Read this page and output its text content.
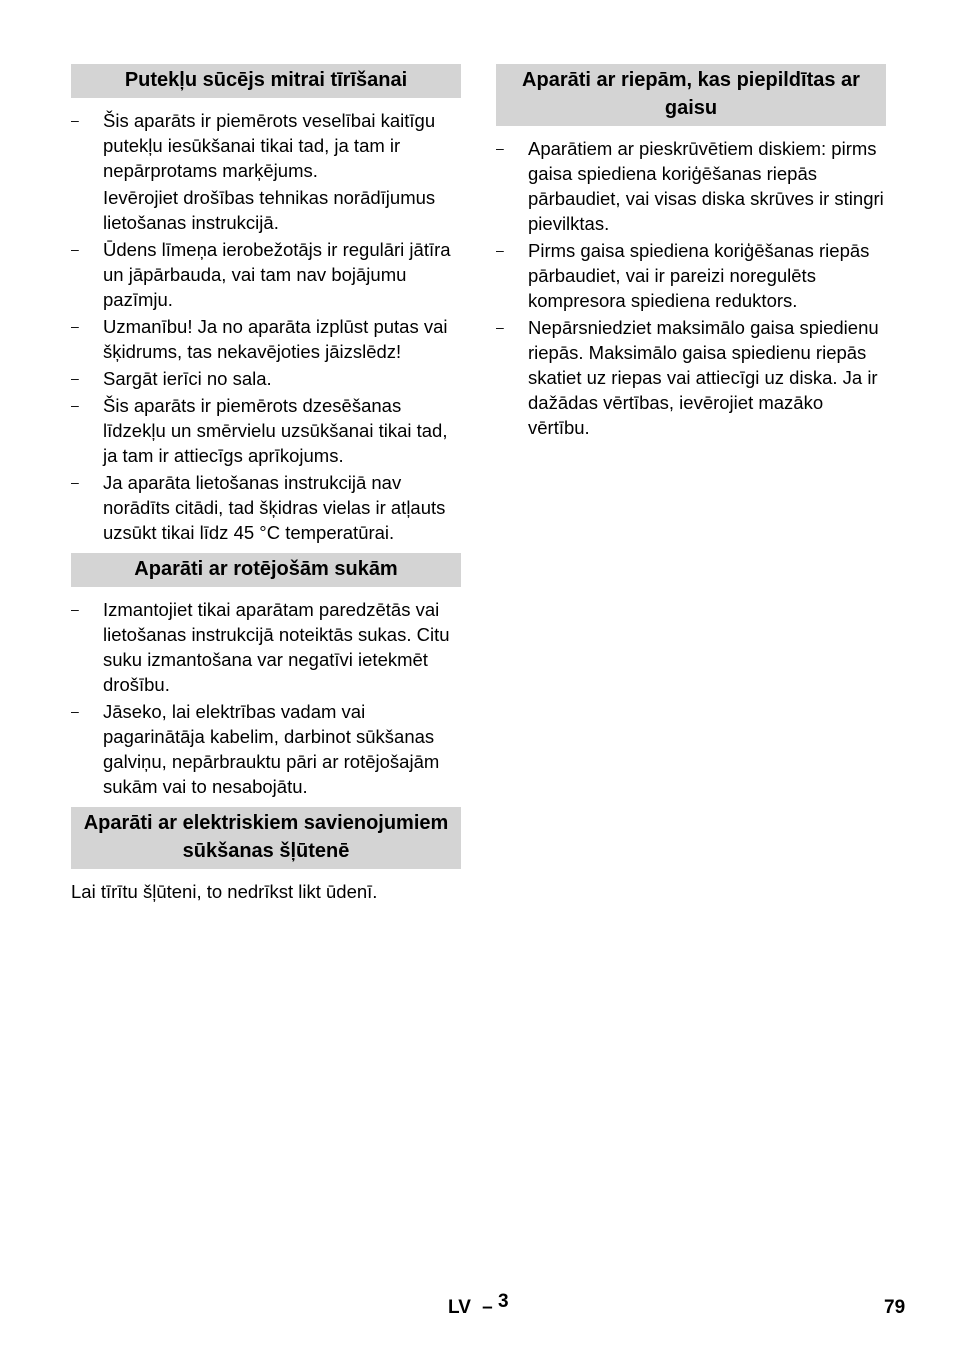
Putekļu sūcējs mitrai tīrīšanai
– Šis aparāts ir piemērots veselībai kaitīgu putekļu iesūkšanai tikai tad, ja tam ir nepārprotams marķējums.
Ievērojiet drošības tehnikas norādījumus lietošanas instrukcijā.
– Ūdens līmeņa ierobežotājs ir regulāri jātīra un jāpārbauda, vai tam nav bojājumu pazīmju.
– Uzmanību! Ja no aparāta izplūst putas vai šķidrums, tas nekavējoties jāizslēdz!
– Sargāt ierīci no sala.
– Šis aparāts ir piemērots dzesēšanas līdzekļu un smērvielu uzsūkšanai tikai tad, ja tam ir attiecīgs aprīkojums.
– Ja aparāta lietošanas instrukcijā nav norādīts citādi, tad šķidras vielas ir atļauts uzsūkt tikai līdz 45 °C temperatūrai.
Aparāti ar rotējošām sukām
– Izmantojiet tikai aparātam paredzētās vai lietošanas instrukcijā noteiktās sukas. Citu suku izmantošana var negatīvi ietekmēt drošību.
– Jāseko, lai elektrības vadam vai pagarinātāja kabelim, darbinot sūkšanas galviņu, nepārbrauktu pāri ar rotējošajām sukām vai to nesabojātu.
Aparāti ar elektriskiem savienojumiem sūkšanas šļūtenē
Lai tīrītu šļūteni, to nedrīkst likt ūdenī.
Aparāti ar riepām, kas piepildītas ar gaisu
– Aparātiem ar pieskrūvētiem diskiem: pirms gaisa spiediena koriģēšanas riepās pārbaudiet, vai visas diska skrūves ir stingri pievilktas.
– Pirms gaisa spiediena koriģēšanas riepās pārbaudiet, vai ir pareizi noregulēts kompresora spiediena reduktors.
– Nepārsniedziet maksimālo gaisa spiedienu riepās. Maksimālo gaisa spiedienu riepās skatiet uz riepas vai attiecīgi uz diska. Ja ir dažādas vērtības, ievērojiet mazāko vērtību.
LV – 3	79
